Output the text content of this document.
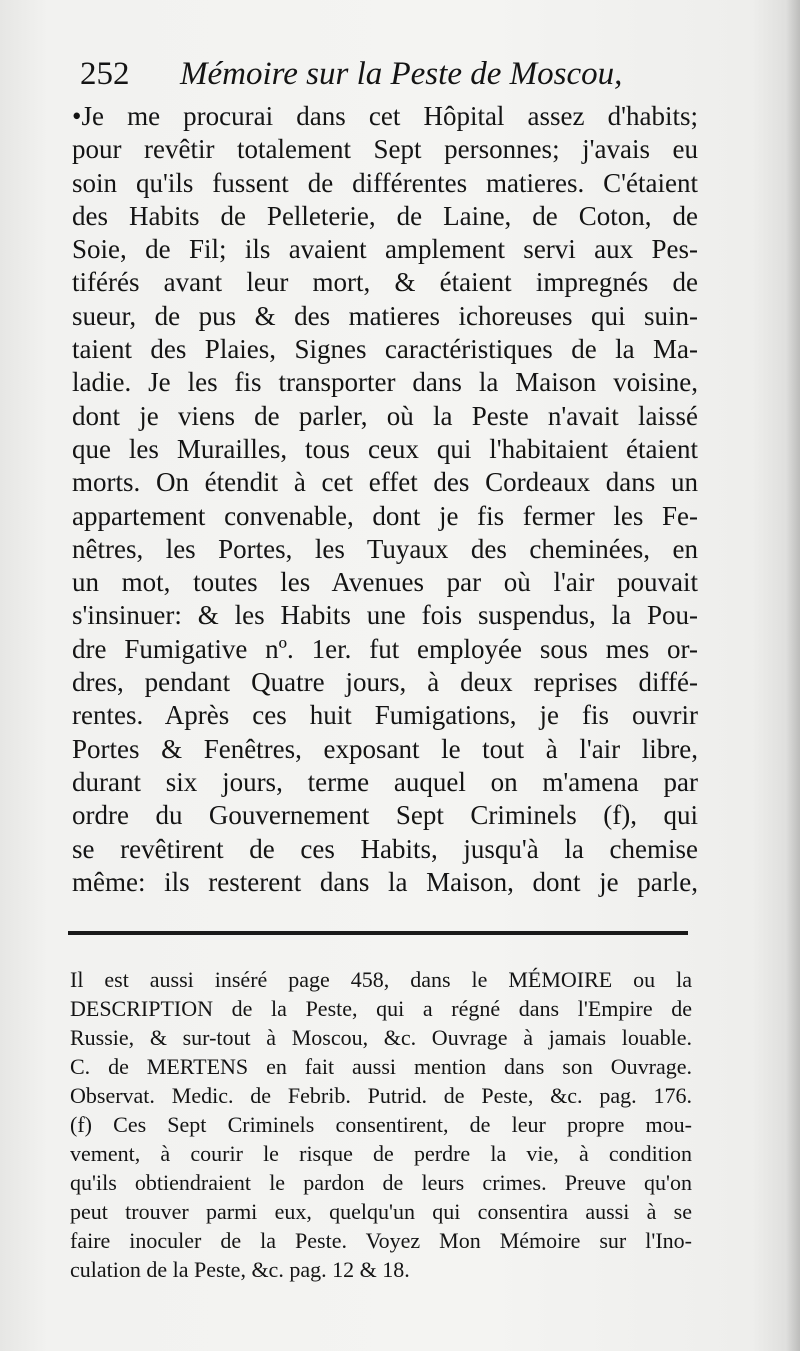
252 Mémoire sur la Peste de Moscou,
•Je me procurai dans cet Hôpital assez d'habits;
pour revêtir totalement Sept personnes; j'avais eu
soin qu'ils fussent de différentes matieres. C'étaient
des Habits de Pelleterie, de Laine, de Coton, de
Soie, de Fil; ils avaient amplement servi aux Pes-
tiférés avant leur mort, & étaient impregnés de
sueur, de pus & des matieres ichoreuses qui suin-
taient des Plaies, Signes caractéristiques de la Ma-
ladie. Je les fis transporter dans la Maison voisine,
dont je viens de parler, où la Peste n'avait laissé
que les Murailles, tous ceux qui l'habitaient étaient
morts. On étendit à cet effet des Cordeaux dans un
appartement convenable, dont je fis fermer les Fe-
nêtres, les Portes, les Tuyaux des cheminées, en
un mot, toutes les Avenues par où l'air pouvait
s'insinuer: & les Habits une fois suspendus, la Pou-
dre Fumigative nº. 1er. fut employée sous mes or-
dres, pendant Quatre jours, à deux reprises diffé-
rentes. Après ces huit Fumigations, je fis ouvrir
Portes & Fenêtres, exposant le tout à l'air libre,
durant six jours, terme auquel on m'amena par
ordre du Gouvernement Sept Criminels (f), qui
se revêtirent de ces Habits, jusqu'à la chemise
même: ils resterent dans la Maison, dont je parle,
Il est aussi inséré page 458, dans le MÉMOIRE ou la
DESCRIPTION de la Peste, qui a régné dans l'Empire de
Russie, & sur-tout à Moscou, &c. Ouvrage à jamais louable.
C. de MERTENS en fait aussi mention dans son Ouvrage.
Observat. Medic. de Febrib. Putrid. de Peste, &c. pag. 176.
(f) Ces Sept Criminels consentirent, de leur propre mou-
vement, à courir le risque de perdre la vie, à condition
qu'ils obtiendraient le pardon de leurs crimes. Preuve qu'on
peut trouver parmi eux, quelqu'un qui consentira aussi à se
faire inoculer de la Peste. Voyez Mon Mémoire sur l'Ino-
culation de la Peste, &c. pag. 12 & 18.
